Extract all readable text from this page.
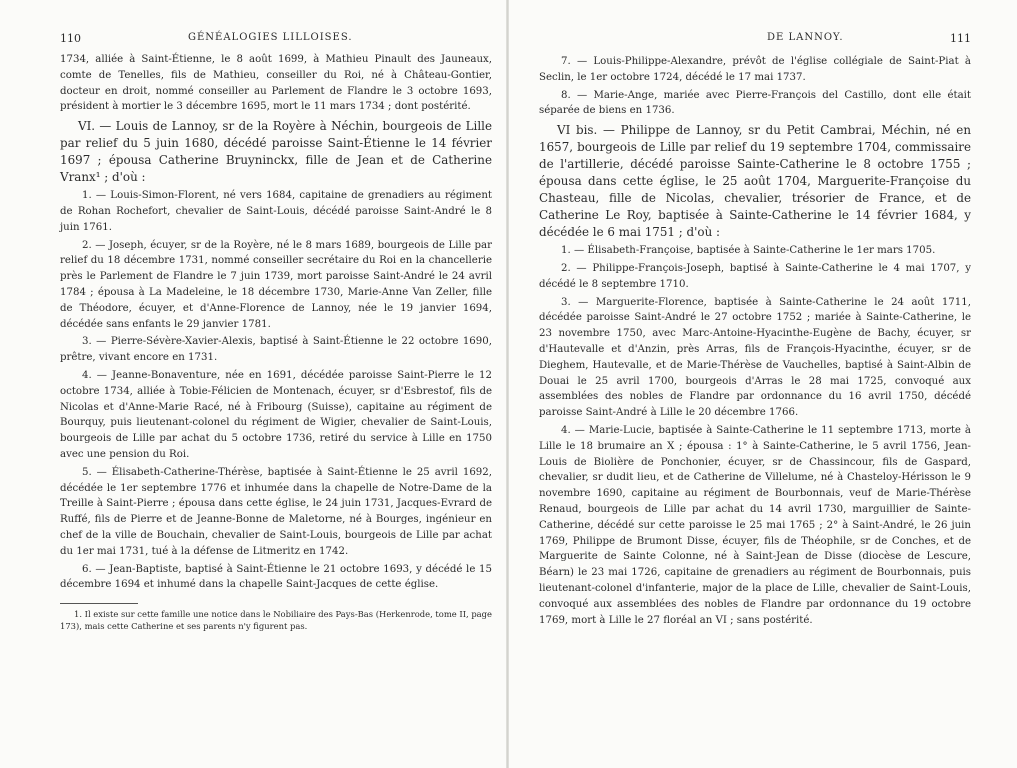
110	GÉNÉALOGIES LILLOISES.

1734, alliée à Saint-Étienne, le 8 août 1699, à Mathieu Pinault des Jauneaux, comte de Tenelles, fils de Mathieu, conseiller du Roi, né à Château-Gontier, docteur en droit, nommé conseiller au Parlement de Flandre le 3 octobre 1693, président à mortier le 3 décembre 1695, mort le 11 mars 1734 ; dont postérité.

VI. — Louis de Lannoy, sr de la Royère à Néchin, bourgeois de Lille par relief du 5 juin 1680, décédé paroisse Saint-Étienne le 14 février 1697 ; épousa Catherine Bruyninckx, fille de Jean et de Catherine Vranx¹ ; d'où :

1. — Louis-Simon-Florent, né vers 1684, capitaine de grenadiers au régiment de Rohan Rochefort, chevalier de Saint-Louis, décédé paroisse Saint-André le 8 juin 1761.

2. — Joseph, écuyer, sr de la Royère, né le 8 mars 1689, bourgeois de Lille par relief du 18 décembre 1731, nommé conseiller secrétaire du Roi en la chancellerie près le Parlement de Flandre le 7 juin 1739, mort paroisse Saint-André le 24 avril 1784 ; épousa à La Madeleine, le 18 décembre 1730, Marie-Anne Van Zeller, fille de Théodore, écuyer, et d'Anne-Florence de Lannoy, née le 19 janvier 1694, décédée sans enfants le 29 janvier 1781.

3. — Pierre-Sévère-Xavier-Alexis, baptisé à Saint-Étienne le 22 octobre 1690, prêtre, vivant encore en 1731.

4. — Jeanne-Bonaventure, née en 1691, décédée paroisse Saint-Pierre le 12 octobre 1734, alliée à Tobie-Félicien de Montenach, écuyer, sr d'Esbrestof, fils de Nicolas et d'Anne-Marie Racé, né à Fribourg (Suisse), capitaine au régiment de Bourquy, puis lieutenant-colonel du régiment de Wigier, chevalier de Saint-Louis, bourgeois de Lille par achat du 5 octobre 1736, retiré du service à Lille en 1750 avec une pension du Roi.

5. — Élisabeth-Catherine-Thérèse, baptisée à Saint-Étienne le 25 avril 1692, décédée le 1er septembre 1776 et inhumée dans la chapelle de Notre-Dame de la Treille à Saint-Pierre ; épousa dans cette église, le 24 juin 1731, Jacques-Evrard de Ruffé, fils de Pierre et de Jeanne-Bonne de Maletorne, né à Bourges, ingénieur en chef de la ville de Bouchain, chevalier de Saint-Louis, bourgeois de Lille par achat du 1er mai 1731, tué à la défense de Litmeritz en 1742.

6. — Jean-Baptiste, baptisé à Saint-Étienne le 21 octobre 1693, y décédé le 15 décembre 1694 et inhumé dans la chapelle Saint-Jacques de cette église.

1. Il existe sur cette famille une notice dans le Nobiliaire des Pays-Bas (Herkenrode, tome II, page 173), mais cette Catherine et ses parents n'y figurent pas.

DE LANNOY.	111

7. — Louis-Philippe-Alexandre, prévôt de l'église collégiale de Saint-Piat à Seclin, le 1er octobre 1724, décédé le 17 mai 1737.

8. — Marie-Ange, mariée avec Pierre-François del Castillo, dont elle était séparée de biens en 1736.

VI bis. — Philippe de Lannoy, sr du Petit Cambrai, Méchin, né en 1657, bourgeois de Lille par relief du 19 septembre 1704, commissaire de l'artillerie, décédé paroisse Sainte-Catherine le 8 octobre 1755 ; épousa dans cette église, le 25 août 1704, Marguerite-Françoise du Chasteau, fille de Nicolas, chevalier, trésorier de France, et de Catherine Le Roy, baptisée à Sainte-Catherine le 14 février 1684, y décédée le 6 mai 1751 ; d'où :

1. — Élisabeth-Françoise, baptisée à Sainte-Catherine le 1er mars 1705.

2. — Philippe-François-Joseph, baptisé à Sainte-Catherine le 4 mai 1707, y décédé le 8 septembre 1710.

3. — Marguerite-Florence, baptisée à Sainte-Catherine le 24 août 1711, décédée paroisse Saint-André le 27 octobre 1752 ; mariée à Sainte-Catherine, le 23 novembre 1750, avec Marc-Antoine-Hyacinthe-Eugène de Bachy, écuyer, sr d'Hautevalle et d'Anzin, près Arras, fils de François-Hyacinthe, écuyer, sr de Dieghem, Hautevalle, et de Marie-Thérèse de Vauchelles, baptisé à Saint-Albin de Douai le 25 avril 1700, bourgeois d'Arras le 28 mai 1725, convoqué aux assemblées des nobles de Flandre par ordonnance du 16 avril 1750, décédé paroisse Saint-André à Lille le 20 décembre 1766.

4. — Marie-Lucie, baptisée à Sainte-Catherine le 11 septembre 1713, morte à Lille le 18 brumaire an X ; épousa : 1° à Sainte-Catherine, le 5 avril 1756, Jean-Louis de Biolière de Ponchonier, écuyer, sr de Chassincour, fils de Gaspard, chevalier, sr dudit lieu, et de Catherine de Villelume, né à Chasteloy-Hérisson le 9 novembre 1690, capitaine au régiment de Bourbonnais, veuf de Marie-Thérèse Renaud, bourgeois de Lille par achat du 14 avril 1730, marguillier de Sainte-Catherine, décédé sur cette paroisse le 25 mai 1765 ; 2° à Saint-André, le 26 juin 1769, Philippe de Brumont Disse, écuyer, fils de Théophile, sr de Conches, et de Marguerite de Sainte Colonne, né à Saint-Jean de Disse (diocèse de Lescure, Béarn) le 23 mai 1726, capitaine de grenadiers au régiment de Bourbonnais, puis lieutenant-colonel d'infanterie, major de la place de Lille, chevalier de Saint-Louis, convoqué aux assemblées des nobles de Flandre par ordonnance du 19 octobre 1769, mort à Lille le 27 floréal an VI ; sans postérité.
